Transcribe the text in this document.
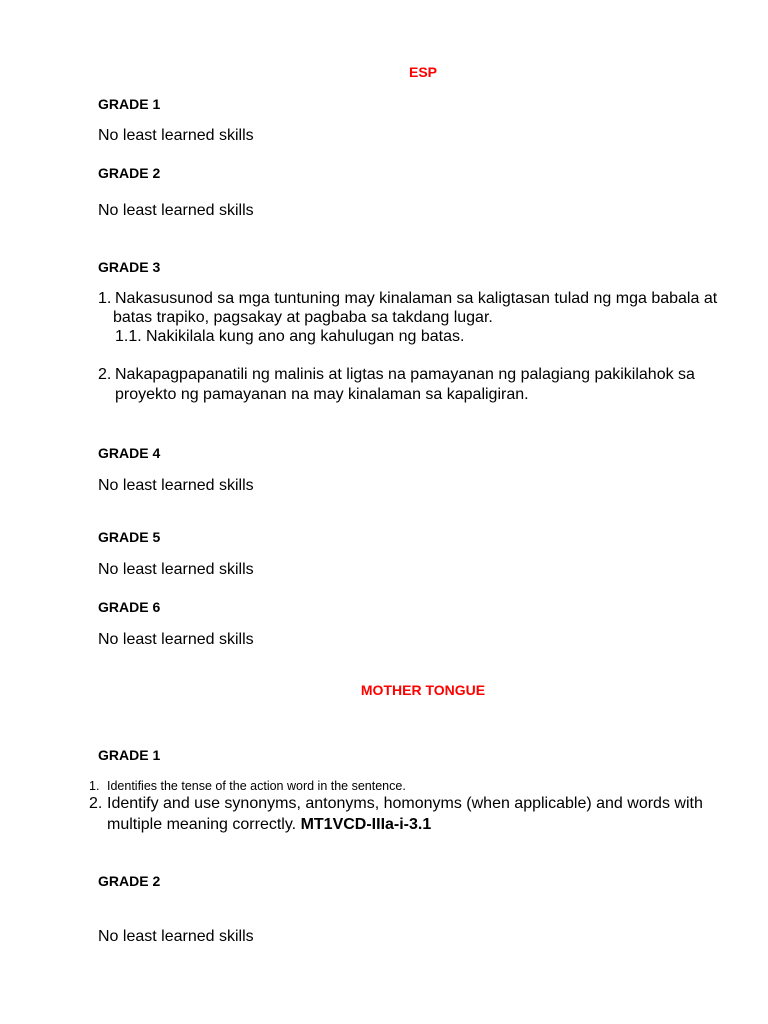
ESP
GRADE 1
No least learned skills
GRADE 2
No least learned skills
GRADE 3
1. Nakasusunod sa mga tuntuning may kinalaman sa kaligtasan tulad ng mga babala at
batas trapiko, pagsakay at pagbaba sa takdang lugar.
1.1. Nakikilala kung ano ang kahulugan ng batas.
2. Nakapagpapanatili ng malinis at ligtas na pamayanan ng palagiang pakikilahok sa
proyekto ng pamayanan na may kinalaman sa kapaligiran.
GRADE 4
No least learned skills
GRADE 5
No least learned skills
GRADE 6
No least learned skills
MOTHER TONGUE
GRADE 1
1. Identifies the tense of the action word in the sentence.
2. Identify and use synonyms, antonyms, homonyms (when applicable) and words with
multiple meaning correctly. MT1VCD-IIIa-i-3.1
GRADE 2
No least learned skills
